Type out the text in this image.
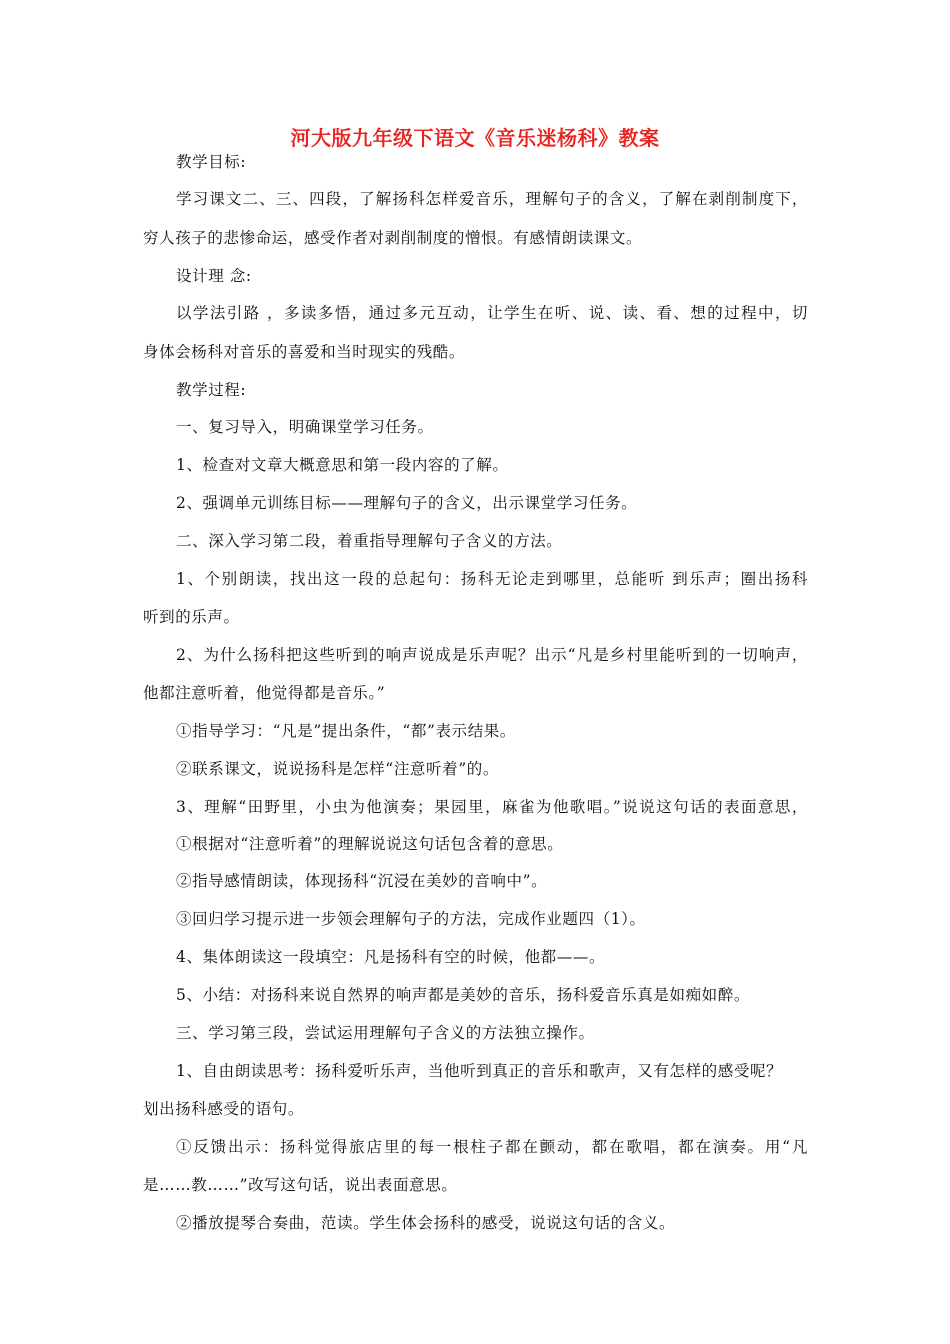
河大版九年级下语文《音乐迷杨科》教案
教学目标:
学习课文二、三、四段，了解扬科怎样爱音乐，理解句子的含义，了解在剥削制度下，
穷人孩子的悲惨命运，感受作者对剥削制度的憎恨。有感情朗读课文。
设计理 念:
以学法引路 ，多读多悟，通过多元互动，让学生在听、说、读、看、想的过程中，切
身体会杨科对音乐的喜爱和当时现实的残酷。
教学过程:
一、复习导入，明确课堂学习任务。
1、检查对文章大概意思和第一段内容的了解。
2、强调单元训练目标——理解句子的含义，出示课堂学习任务。
二、深入学习第二段，着重指导理解句子含义的方法。
1、个别朗读，找出这一段的总起句：扬科无论走到哪里，总能听 到乐声；圈出扬科
听到的乐声。
2、为什么扬科把这些听到的响声说成是乐声呢？出示“凡是乡村里能听到的一切响声，
他都注意听着，他觉得都是音乐。”
①指导学习：“凡是”提出条件，“都”表示结果。
②联系课文，说说扬科是怎样“注意听着”的。
3、理解“田野里，小虫为他演奏；果园里，麻雀为他歌唱。”说说这句话的表面意思，
①根据对“注意听着”的理解说说这句话包含着的意思。
②指导感情朗读，体现扬科“沉浸在美妙的音响中”。
③回归学习提示进一步领会理解句子的方法，完成作业题四（1）。
4、集体朗读这一段填空：凡是扬科有空的时候，他都——。
5、小结：对扬科来说自然界的响声都是美妙的音乐，扬科爱音乐真是如痴如醉。
三、学习第三段，尝试运用理解句子含义的方法独立操作。
1、自由朗读思考：扬科爱听乐声，当他听到真正的音乐和歌声，又有怎样的感受呢？
划出扬科感受的语句。
①反馈出示：扬科觉得旅店里的每一根柱子都在颤动，都在歌唱，都在演奏。用“凡
是……教……”改写这句话，说出表面意思。
②播放提琴合奏曲，范读。学生体会扬科的感受，说说这句话的含义。
